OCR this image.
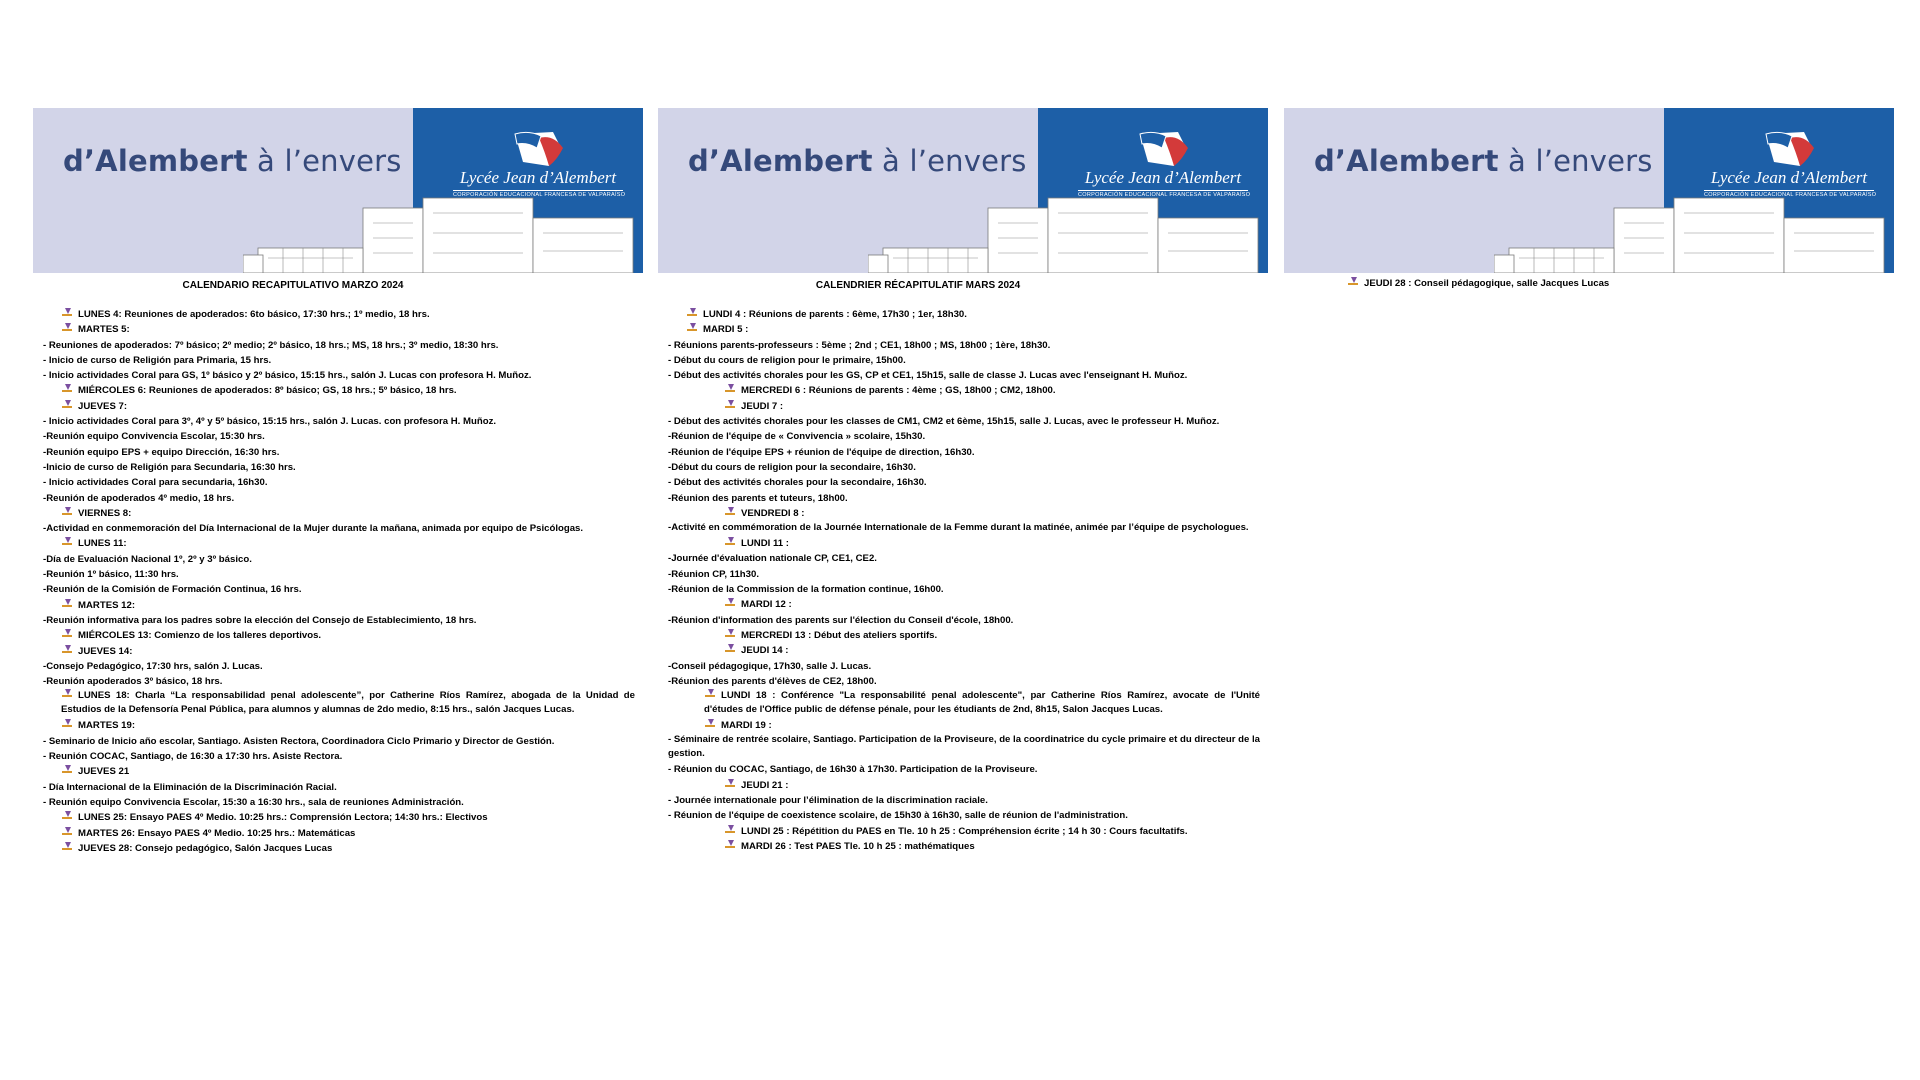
d’Alembert à l’envers	Lycée Jean d’Alembert
CORPORACIÓN EDUCACIONAL FRANCESA DE VALPARAÍSO
CALENDARIO RECAPITULATIVO MARZO 2024
LUNES 4: Reuniones de apoderados: 6to básico, 17:30 hrs.; 1º medio, 18 hrs.
MARTES 5:
- Reuniones de apoderados: 7º básico; 2º medio; 2º básico, 18 hrs.; MS, 18 hrs.; 3º medio, 18:30 hrs.
- Inicio de curso de Religión para Primaria, 15 hrs.
- Inicio actividades Coral para GS, 1º básico y 2º básico, 15:15 hrs., salón J. Lucas con profesora H. Muñoz.
MIÉRCOLES 6: Reuniones de apoderados: 8º básico; GS, 18 hrs.; 5º básico, 18 hrs.
JUEVES 7:
- Inicio actividades Coral para 3º, 4º y 5º básico, 15:15 hrs., salón J. Lucas. con profesora H. Muñoz.
-Reunión equipo Convivencia Escolar, 15:30 hrs.
-Reunión equipo EPS + equipo Dirección, 16:30 hrs.
-Inicio de curso de Religión para Secundaria, 16:30 hrs.
- Inicio actividades Coral para secundaria, 16h30.
-Reunión de apoderados 4º medio, 18 hrs.
VIERNES 8:
-Actividad en conmemoración del Día Internacional de la Mujer durante la mañana, animada por equipo de Psicólogas.
LUNES 11:
-Día de Evaluación Nacional 1º, 2º y 3º básico.
-Reunión 1º básico, 11:30 hrs.
-Reunión de la Comisión de Formación Continua, 16 hrs.
MARTES 12:
-Reunión informativa para los padres sobre la elección del Consejo de Establecimiento, 18 hrs.
MIÉRCOLES 13: Comienzo de los talleres deportivos.
JUEVES 14:
-Consejo Pedagógico, 17:30 hrs, salón J. Lucas.
-Reunión apoderados 3º básico, 18 hrs.
LUNES 18: Charla “La responsabilidad penal adolescente”, por Catherine Ríos Ramírez, abogada de la Unidad de Estudios de la Defensoría Penal Pública, para alumnos y alumnas de 2do medio, 8:15 hrs., salón Jacques Lucas.
MARTES 19:
- Seminario de Inicio año escolar, Santiago. Asisten Rectora, Coordinadora Ciclo Primario y Director de Gestión.
- Reunión COCAC, Santiago, de 16:30 a 17:30 hrs. Asiste Rectora.
JUEVES 21
- Día Internacional de la Eliminación de la Discriminación Racial.
- Reunión equipo Convivencia Escolar, 15:30 a 16:30 hrs., sala de reuniones Administración.
LUNES 25: Ensayo PAES 4º Medio. 10:25 hrs.: Comprensión Lectora; 14:30 hrs.: Electivos
MARTES 26: Ensayo PAES 4º Medio. 10:25 hrs.: Matemáticas
JUEVES 28: Consejo pedagógico, Salón Jacques Lucas
d’Alembert à l’envers	Lycée Jean d’Alembert
CORPORACIÓN EDUCACIONAL FRANCESA DE VALPARAÍSO
CALENDRIER RÉCAPITULATIF MARS 2024
LUNDI 4 : Réunions de parents : 6ème, 17h30 ; 1er, 18h30.
MARDI 5 :
- Réunions parents-professeurs : 5ème ; 2nd ; CE1, 18h00 ; MS, 18h00 ; 1ère, 18h30.
- Début du cours de religion pour le primaire, 15h00.
- Début des activités chorales pour les GS, CP et CE1, 15h15, salle de classe J. Lucas avec l'enseignant H. Muñoz.
MERCREDI 6 : Réunions de parents : 4ème ; GS, 18h00 ; CM2, 18h00.
JEUDI 7 :
- Début des activités chorales pour les classes de CM1, CM2 et 6ème, 15h15, salle J. Lucas, avec le professeur H. Muñoz.
-Réunion de l'équipe de « Convivencia » scolaire, 15h30.
-Réunion de l'équipe EPS + réunion de l'équipe de direction, 16h30.
-Début du cours de religion pour la secondaire, 16h30.
- Début des activités chorales pour la secondaire, 16h30.
-Réunion des parents et tuteurs, 18h00.
VENDREDI 8 :
-Activité en commémoration de la Journée Internationale de la Femme durant la matinée, animée par l’équipe de psychologues.
LUNDI 11 :
-Journée d'évaluation nationale CP, CE1, CE2.
-Réunion CP, 11h30.
-Réunion de la Commission de la formation continue, 16h00.
MARDI 12 :
-Réunion d'information des parents sur l'élection du Conseil d'école, 18h00.
MERCREDI 13 : Début des ateliers sportifs.
JEUDI 14 :
-Conseil pédagogique, 17h30, salle J. Lucas.
-Réunion des parents d'élèves de CE2, 18h00.
LUNDI 18 : Conférence "La responsabilité penal adolescente", par Catherine Ríos Ramírez, avocate de l'Unité d'études de l'Office public de défense pénale, pour les étudiants de 2nd, 8h15, Salon Jacques Lucas.
MARDI 19 :
- Séminaire de rentrée scolaire, Santiago. Participation de la Proviseure, de la coordinatrice du cycle primaire et du directeur de la gestion.
- Réunion du COCAC, Santiago, de 16h30 à 17h30. Participation de la Proviseure.
JEUDI 21 :
- Journée internationale pour l’élimination de la discrimination raciale.
- Réunion de l'équipe de coexistence scolaire, de 15h30 à 16h30, salle de réunion de l'administration.
LUNDI 25 : Répétition du PAES en Tle. 10 h 25 : Compréhension écrite ; 14 h 30 : Cours facultatifs.
MARDI 26 : Test PAES Tle. 10 h 25 : mathématiques
d’Alembert à l’envers	Lycée Jean d’Alembert
CORPORACIÓN EDUCACIONAL FRANCESA DE VALPARAÍSO
JEUDI 28 : Conseil pédagogique, salle Jacques Lucas
